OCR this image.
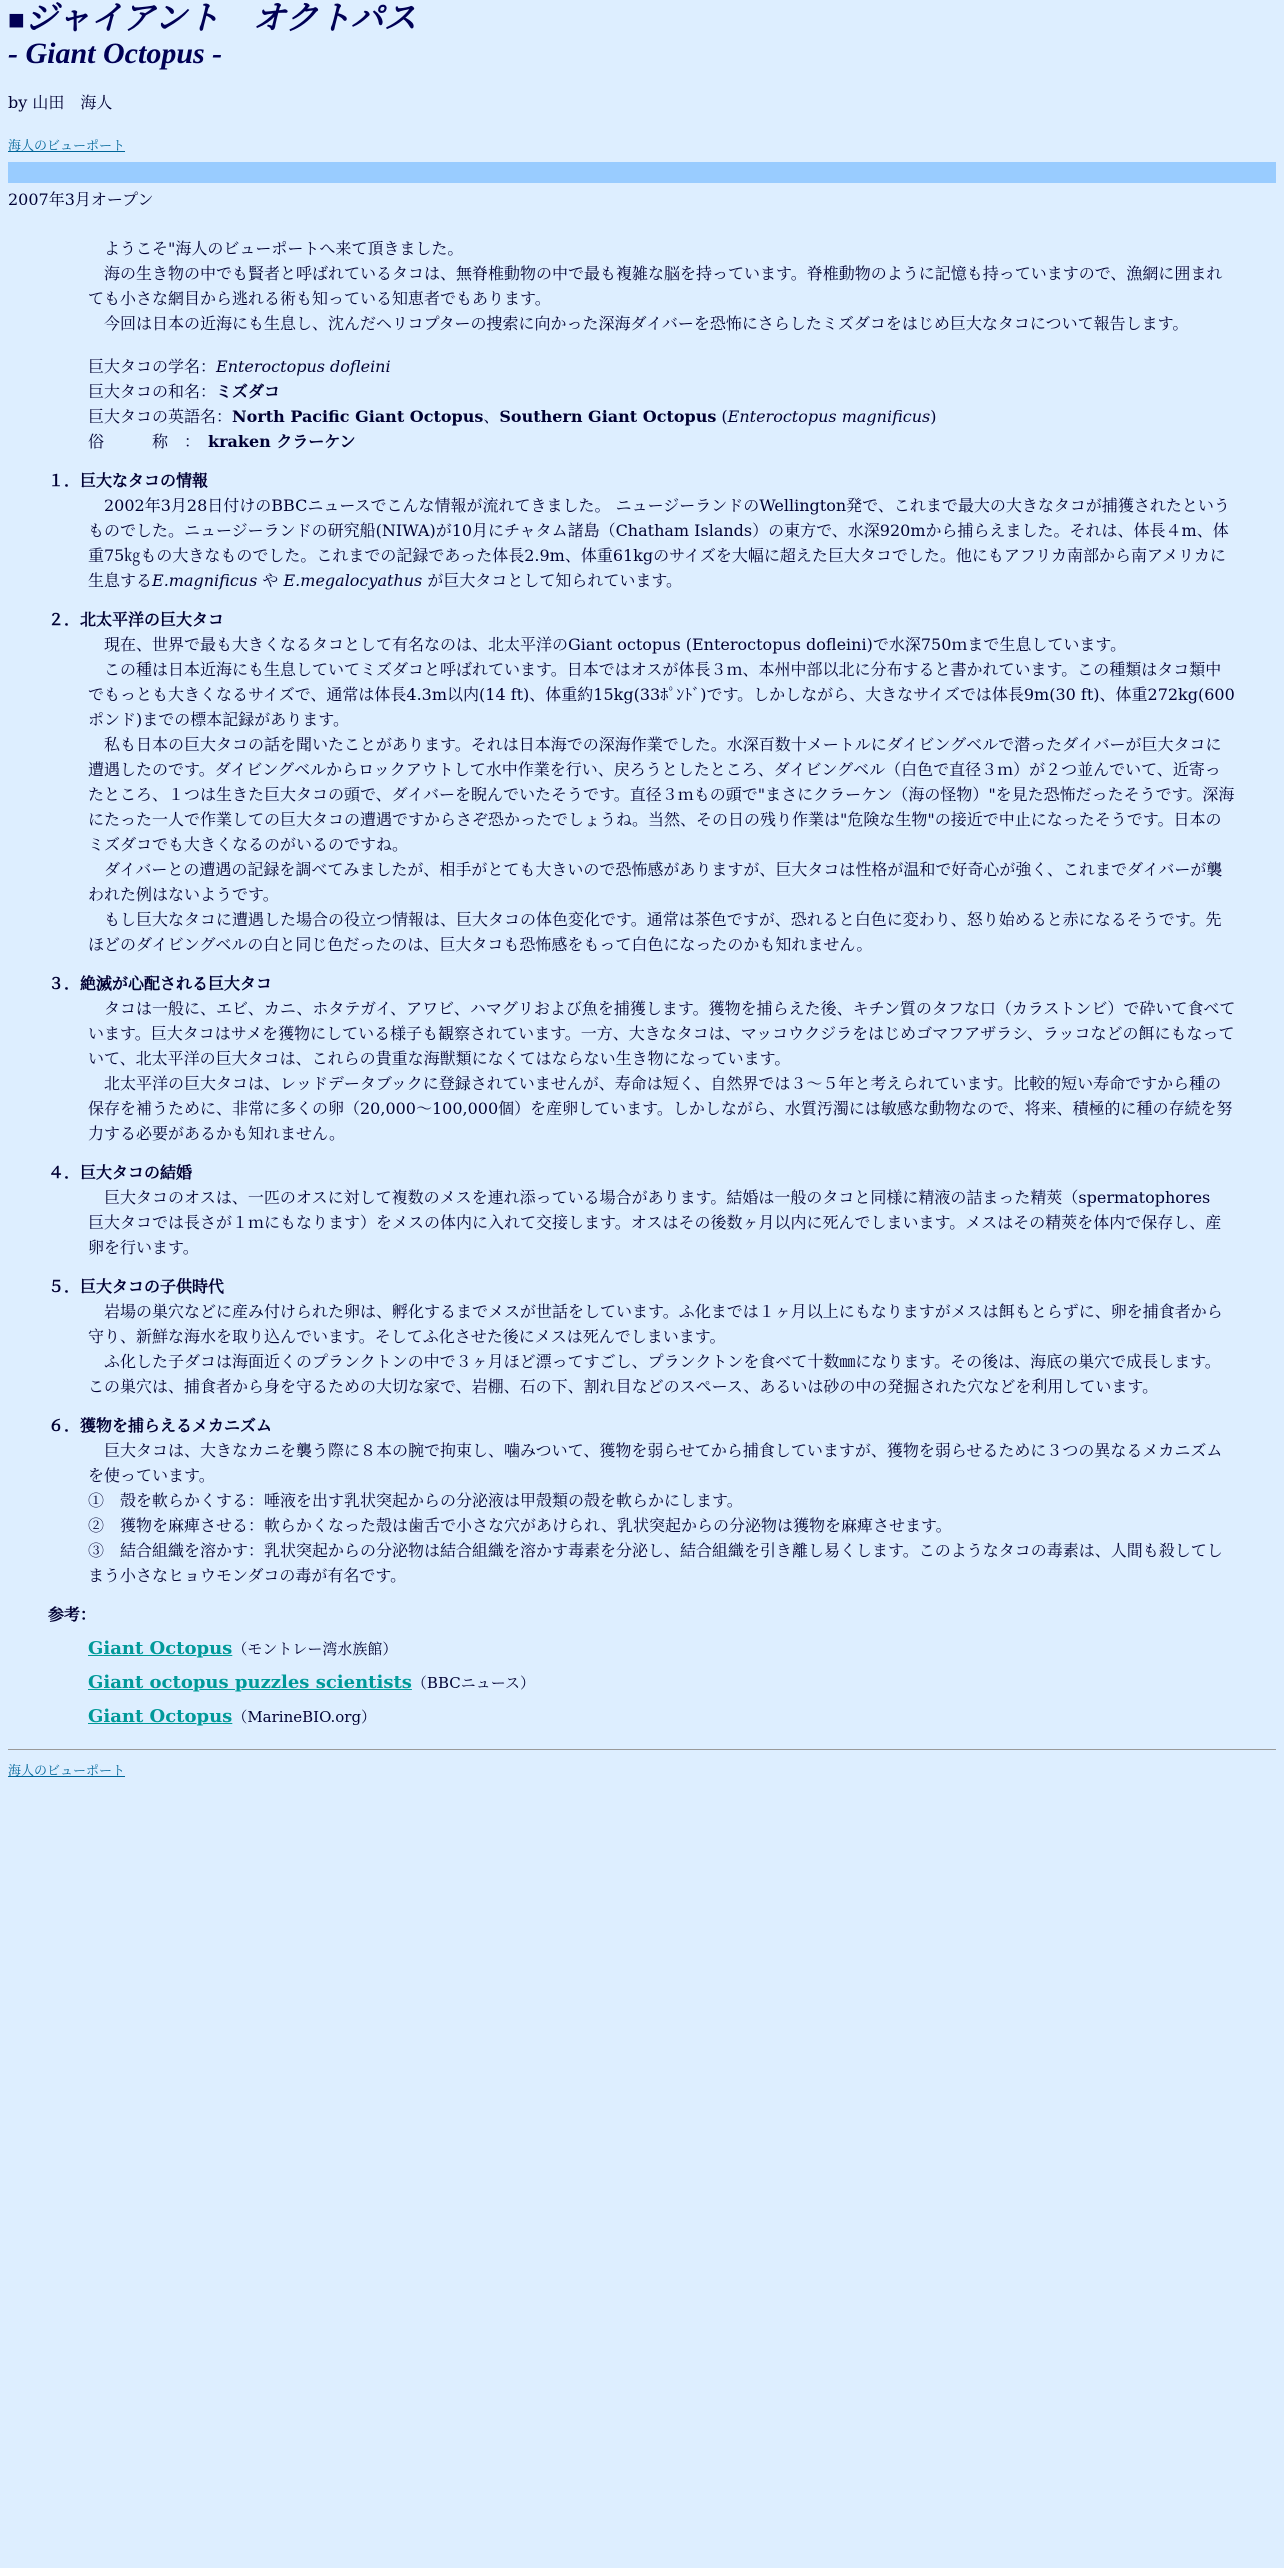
■ジャイアント　オクトパス
- Giant Octopus -
by 山田　海人
海人のビューポート
2007年3月オープン

ようこそ"海人のビューポートへ来て頂きました。

海の生き物の中でも賢者と呼ばれているタコは、無脊椎動物の中で最も複雑な脳を持っています。脊椎動物のように記憶も持っていますので、漁網に囲まれても小さな網目から逃れる術も知っている知恵者でもあります。

今回は日本の近海にも生息し、沈んだヘリコプターの捜索に向かった深海ダイバーを恐怖にさらしたミズダコをはじめ巨大なタコについて報告します。

巨大タコの学名：Enteroctopus dofleini
巨大タコの和名：ミズダコ
巨大タコの英語名：North Pacific Giant Octopus、Southern Giant Octopus (Enteroctopus magnificus)
俗　　　称　：　kraken クラーケン
１．巨大なタコの情報

2002年3月28日付けのBBCニュースでこんな情報が流れてきました。 ニュージーランドのWellington発で、これまで最大の大きなタコが捕獲されたというものでした。ニュージーランドの研究船(NIWA)が10月にチャタム諸島（Chatham Islands）の東方で、水深920mから捕らえました。それは、体長４m、体重75㎏もの大きなものでした。これまでの記録であった体長2.9m、体重61kgのサイズを大幅に超えた巨大タコでした。他にもアフリカ南部から南アメリカに生息するE.magnificus や E.megalocyathus が巨大タコとして知られています。

２．北太平洋の巨大タコ

現在、世界で最も大きくなるタコとして有名なのは、北太平洋のGiant octopus (Enteroctopus dofleini)で水深750ｍまで生息しています。

この種は日本近海にも生息していてミズダコと呼ばれています。日本ではオスが体長３ｍ、本州中部以北に分布すると書かれています。この種類はタコ類中でもっとも大きくなるサイズで、通常は体長4.3m以内(14 ft)、体重約15kg(33ﾎﾟﾝﾄﾞ)です。しかしながら、大きなサイズでは体長9m(30 ft)、体重272kg(600ポンド)までの標本記録があります。

私も日本の巨大タコの話を聞いたことがあります。それは日本海での深海作業でした。水深百数十メートルにダイビングベルで潜ったダイバーが巨大タコに遭遇したのです。ダイビングベルからロックアウトして水中作業を行い、戻ろうとしたところ、ダイビングベル（白色で直径３ｍ）が２つ並んでいて、近寄ったところ、１つは生きた巨大タコの頭で、ダイバーを睨んでいたそうです。直径３ｍもの頭で"まさにクラーケン（海の怪物）"を見た恐怖だったそうです。深海にたった一人で作業しての巨大タコの遭遇ですからさぞ恐かったでしょうね。当然、その日の残り作業は"危険な生物"の接近で中止になったそうです。日本のミズダコでも大きくなるのがいるのですね。

ダイバーとの遭遇の記録を調べてみましたが、相手がとても大きいので恐怖感がありますが、巨大タコは性格が温和で好奇心が強く、これまでダイバーが襲われた例はないようです。

もし巨大なタコに遭遇した場合の役立つ情報は、巨大タコの体色変化です。通常は茶色ですが、恐れると白色に変わり、怒り始めると赤になるそうです。先ほどのダイビングベルの白と同じ色だったのは、巨大タコも恐怖感をもって白色になったのかも知れません。

３．絶滅が心配される巨大タコ

タコは一般に、エビ、カニ、ホタテガイ、アワビ、ハマグリおよび魚を捕獲します。獲物を捕らえた後、キチン質のタフな口（カラストンビ）で砕いて食べています。巨大タコはサメを獲物にしている様子も観察されています。一方、大きなタコは、マッコウクジラをはじめゴマフアザラシ、ラッコなどの餌にもなっていて、北太平洋の巨大タコは、これらの貴重な海獣類になくてはならない生き物になっています。

北太平洋の巨大タコは、レッドデータブックに登録されていませんが、寿命は短く、自然界では３～５年と考えられています。比較的短い寿命ですから種の保存を補うために、非常に多くの卵（20,000～100,000個）を産卵しています。しかしながら、水質汚濁には敏感な動物なので、将来、積極的に種の存続を努力する必要があるかも知れません。

４．巨大タコの結婚

巨大タコのオスは、一匹のオスに対して複数のメスを連れ添っている場合があります。結婚は一般のタコと同様に精液の詰まった精莢（spermatophores　巨大タコでは長さが１ｍにもなります）をメスの体内に入れて交接します。オスはその後数ヶ月以内に死んでしまいます。メスはその精莢を体内で保存し、産卵を行います。

５．巨大タコの子供時代

岩場の巣穴などに産み付けられた卵は、孵化するまでメスが世話をしています。ふ化までは１ヶ月以上にもなりますがメスは餌もとらずに、卵を捕食者から守り、新鮮な海水を取り込んでいます。そしてふ化させた後にメスは死んでしまいます。

ふ化した子ダコは海面近くのプランクトンの中で３ヶ月ほど漂ってすごし、プランクトンを食べて十数㎜になります。その後は、海底の巣穴で成長します。この巣穴は、捕食者から身を守るための大切な家で、岩棚、石の下、割れ目などのスペース、あるいは砂の中の発掘された穴などを利用しています。

６．獲物を捕らえるメカニズム

巨大タコは、大きなカニを襲う際に８本の腕で拘束し、噛みついて、獲物を弱らせてから捕食していますが、獲物を弱らせるために３つの異なるメカニズムを使っています。

①　殻を軟らかくする：唾液を出す乳状突起からの分泌液は甲殻類の殻を軟らかにします。
②　獲物を麻痺させる：軟らかくなった殻は歯舌で小さな穴があけられ、乳状突起からの分泌物は獲物を麻痺させます。
③　結合組織を溶かす：乳状突起からの分泌物は結合組織を溶かす毒素を分泌し、結合組織を引き離し易くします。このようなタコの毒素は、人間も殺してしまう小さなヒョウモンダコの毒が有名です。
参考：
Giant Octopus（モントレー湾水族館）
Giant octopus puzzles scientists（BBCニュース）
Giant Octopus（MarineBIO.org）
海人のビューポート
